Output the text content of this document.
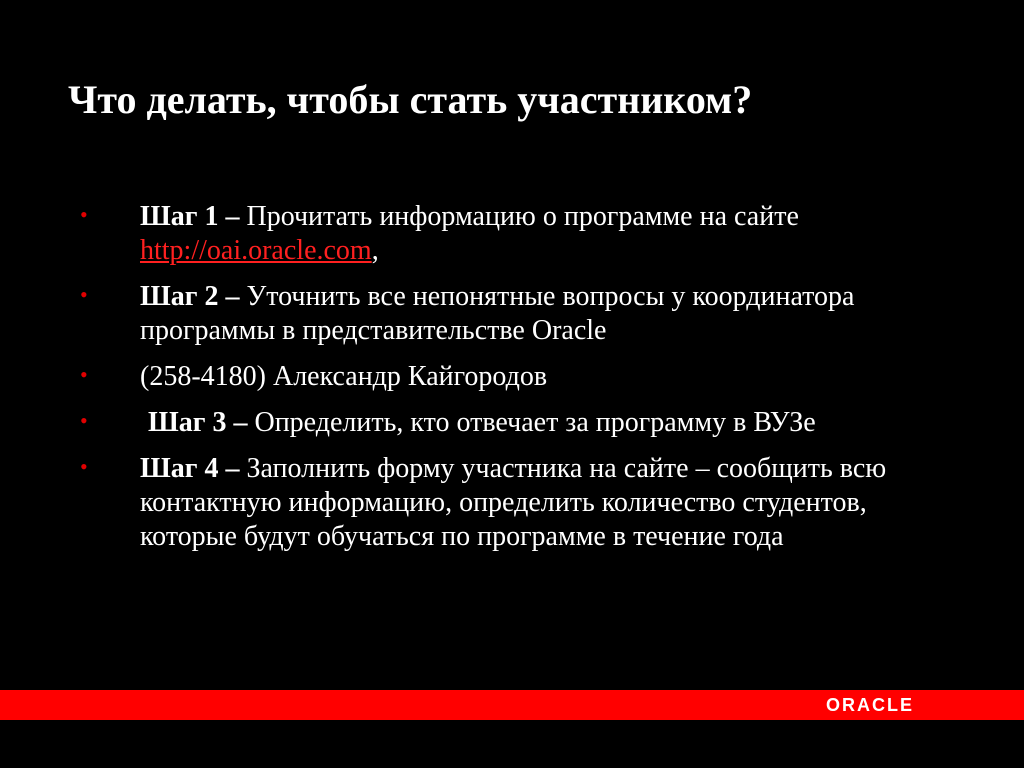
Что делать, чтобы стать участником?
•	Шаг 1 – Прочитать информацию о программе на сайте http://oai.oracle.com,
•	Шаг 2 – Уточнить все непонятные вопросы у координатора программы в представительстве Oracle
•	(258-4180) Александр Кайгородов
•	Шаг 3 – Определить, кто отвечает за программу в ВУЗе
•	Шаг 4 – Заполнить форму участника на сайте – сообщить всю контактную информацию, определить количество студентов, которые будут обучаться по программе в течение года
ORACLE
